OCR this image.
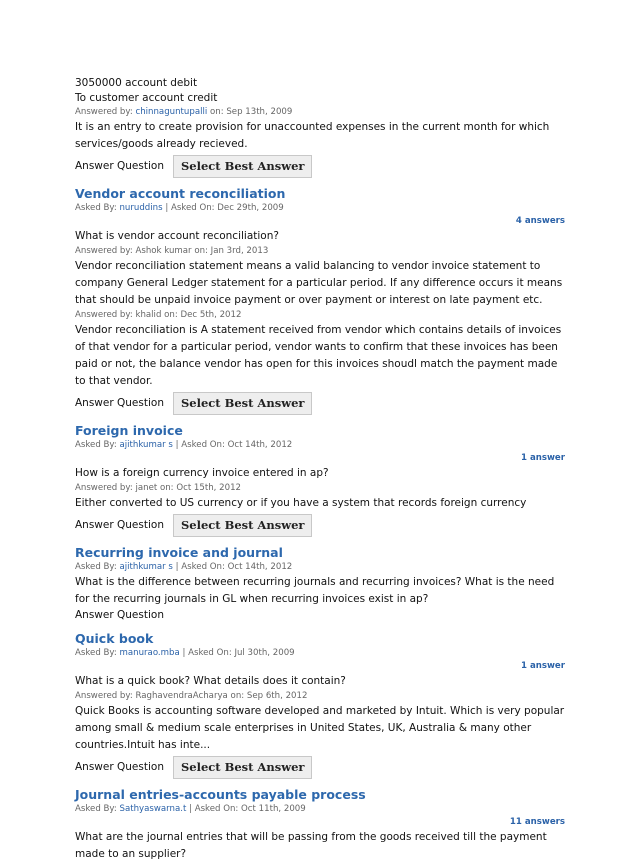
3050000 account debit
To customer account credit
Answered by: chinnaguntupalli on: Sep 13th, 2009

It is an entry to create provision for unaccounted expenses in the current month for which services/goods already recieved.

Answer Question	Select Best Answer
Vendor account reconciliation
Asked By: nuruddins | Asked On: Dec 29th, 2009
4 answers

What is vendor account reconciliation?

Answered by: Ashok kumar on: Jan 3rd, 2013

Vendor reconciliation statement means a valid balancing to vendor invoice statement to company General Ledger statement for a particular period. If any difference occurs it means that should be unpaid invoice payment or over payment or interest on late payment etc.

Answered by: khalid on: Dec 5th, 2012

Vendor reconciliation is A statement received from vendor which contains details of invoices of that vendor for a particular period, vendor wants to confirm that these invoices has been paid or not, the balance vendor has open for this invoices shoudl match the payment made to that vendor.

Answer Question	Select Best Answer
Foreign invoice
Asked By: ajithkumar s | Asked On: Oct 14th, 2012
1 answer

How is a foreign currency invoice entered in ap?

Answered by: janet on: Oct 15th, 2012

Either converted to US currency or if you have a system that records foreign currency

Answer Question	Select Best Answer
Recurring invoice and journal
Asked By: ajithkumar s | Asked On: Oct 14th, 2012

What is the difference between recurring journals and recurring invoices? What is the need for the recurring journals in GL when recurring invoices exist in ap?

Answer Question
Quick book
Asked By: manurao.mba | Asked On: Jul 30th, 2009
1 answer

What is a quick book? What details does it contain?

Answered by: RaghavendraAcharya on: Sep 6th, 2012

Quick Books is accounting software developed and marketed by Intuit. Which is very popular among small & medium scale enterprises in United States, UK, Australia & many other countries.Intuit has inte...

Answer Question	Select Best Answer
Journal entries-accounts payable process
Asked By: Sathyaswarna.t | Asked On: Oct 11th, 2009
11 answers

What are the journal entries that will be passing from the goods received till the payment made to an supplier?
